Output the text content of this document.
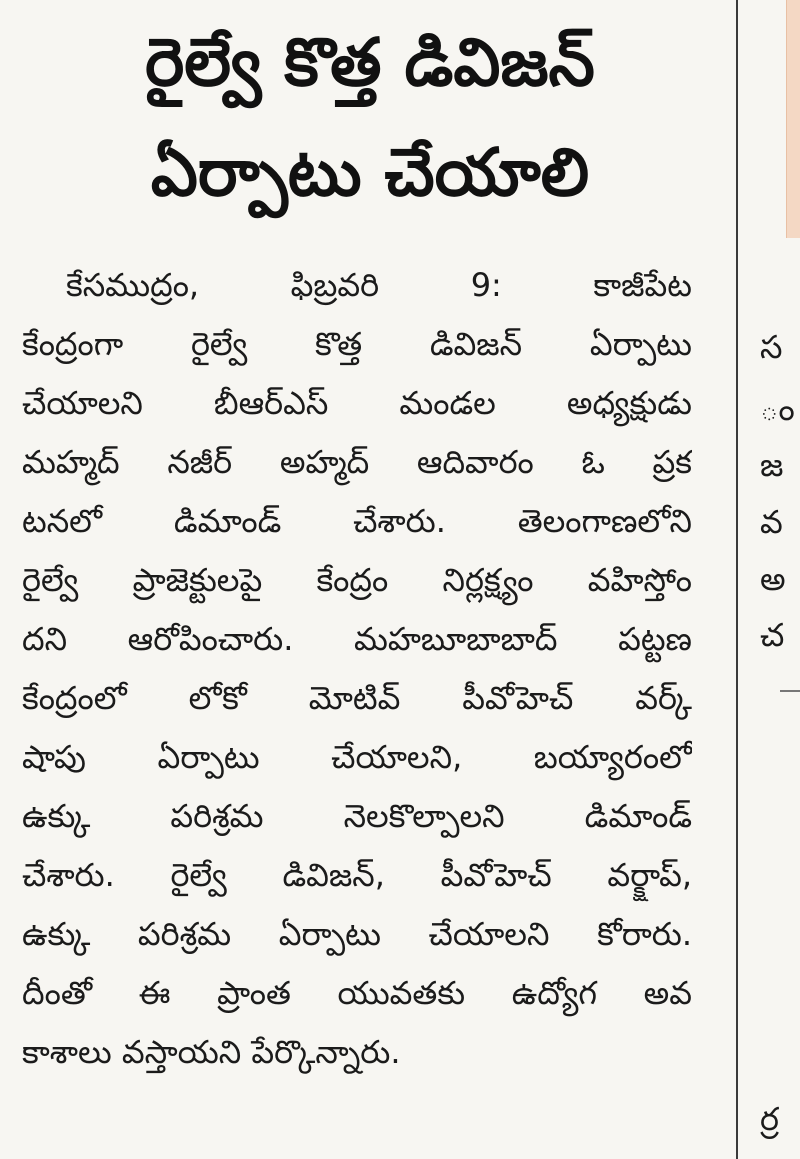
రైల్వే కొత్త డివిజన్
ఏర్పాటు చేయాలి
కేసముద్రం, ఫిబ్రవరి 9: కాజీపేట
కేంద్రంగా రైల్వే కొత్త డివిజన్ ఏర్పాటు
చేయాలని బీఆర్ఎస్ మండల అధ్యక్షుడు
మహ్మద్ నజీర్ అహ్మద్ ఆదివారం ఓ ప్రక
టనలో డిమాండ్ చేశారు. తెలంగాణలోని
రైల్వే ప్రాజెక్టులపై కేంద్రం నిర్లక్ష్యం వహిస్తోం
దని ఆరోపించారు. మహబూబాబాద్ పట్టణ
కేంద్రంలో లోకో మోటివ్ పీవోహెచ్ వర్క్
షాపు ఏర్పాటు చేయాలని, బయ్యారంలో
ఉక్కు పరిశ్రమ నెలకొల్పాలని డిమాండ్
చేశారు. రైల్వే డివిజన్, పీవోహెచ్ వర్క్షాప్,
ఉక్కు పరిశ్రమ ఏర్పాటు చేయాలని కోరారు.
దీంతో ఈ ప్రాంత యువతకు ఉద్యోగ అవ
కాశాలు వస్తాయని పేర్కొన్నారు.
స
ం
జ
వ
అ
చ
ర్ర
